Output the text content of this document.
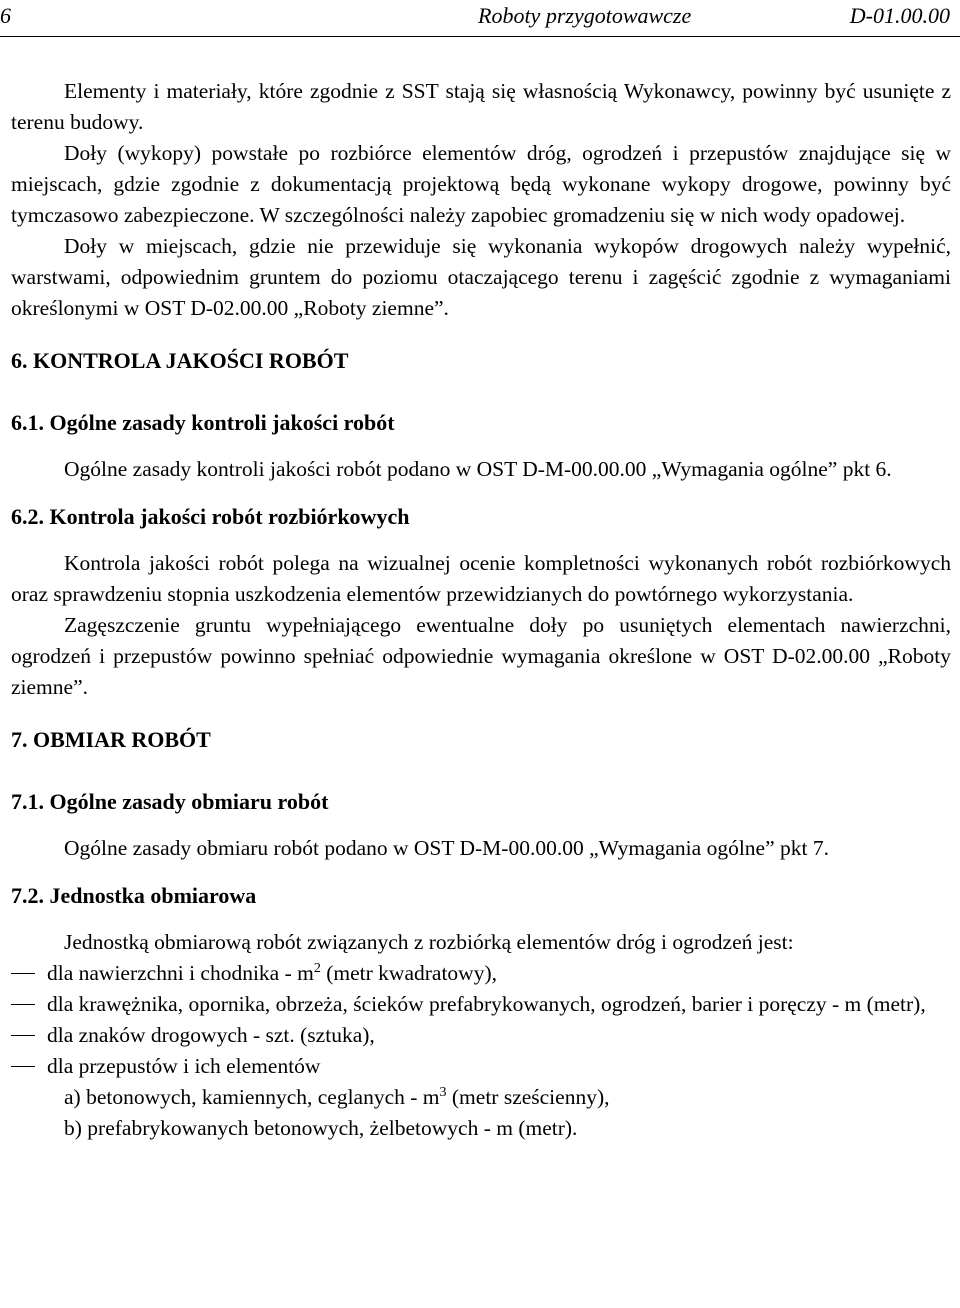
6	Roboty przygotowawcze	D-01.00.00

Elementy i materiały, które zgodnie z SST stają się własnością Wykonawcy, powinny być usunięte z terenu budowy.

Doły (wykopy) powstałe po rozbiórce elementów dróg, ogrodzeń i przepustów znajdujące się w miejscach, gdzie zgodnie z dokumentacją projektową będą wykonane wykopy drogowe, powinny być tymczasowo zabezpieczone. W szczególności należy zapobiec gromadzeniu się w nich wody opadowej.

Doły w miejscach, gdzie nie przewiduje się wykonania wykopów drogowych należy wypełnić, warstwami, odpowiednim gruntem do poziomu otaczającego terenu i zagęścić zgodnie z wymaganiami określonymi w OST D-02.00.00 „Roboty ziemne”.

6. KONTROLA JAKOŚCI ROBÓT
6.1. Ogólne zasady kontroli jakości robót

Ogólne zasady kontroli jakości robót podano w OST D-M-00.00.00 „Wymagania ogólne” pkt 6.

6.2. Kontrola jakości robót rozbiórkowych

Kontrola jakości robót polega na wizualnej ocenie kompletności wykonanych robót rozbiórkowych oraz sprawdzeniu stopnia uszkodzenia elementów przewidzianych do powtórnego wykorzystania.

Zagęszczenie gruntu wypełniającego ewentualne doły po usuniętych elementach nawierzchni, ogrodzeń i przepustów powinno spełniać odpowiednie wymagania określone w OST D-02.00.00 „Roboty ziemne”.

7. OBMIAR ROBÓT
7.1. Ogólne zasady obmiaru robót

Ogólne zasady obmiaru robót podano w OST D-M-00.00.00 „Wymagania ogólne” pkt 7.

7.2. Jednostka obmiarowa

Jednostką obmiarową robót związanych z rozbiórką elementów dróg i ogrodzeń jest:

dla nawierzchni i chodnika - $m^2$ (metr kwadratowy),
dla krawężnika, opornika, obrzeża, ścieków prefabrykowanych, ogrodzeń, barier i poręczy - m (metr),
dla znaków drogowych - szt. (sztuka),
dla przepustów i ich elementów
a) betonowych, kamiennych, ceglanych - $m^3$ (metr sześcienny),
b) prefabrykowanych betonowych, żelbetowych - m (metr).
